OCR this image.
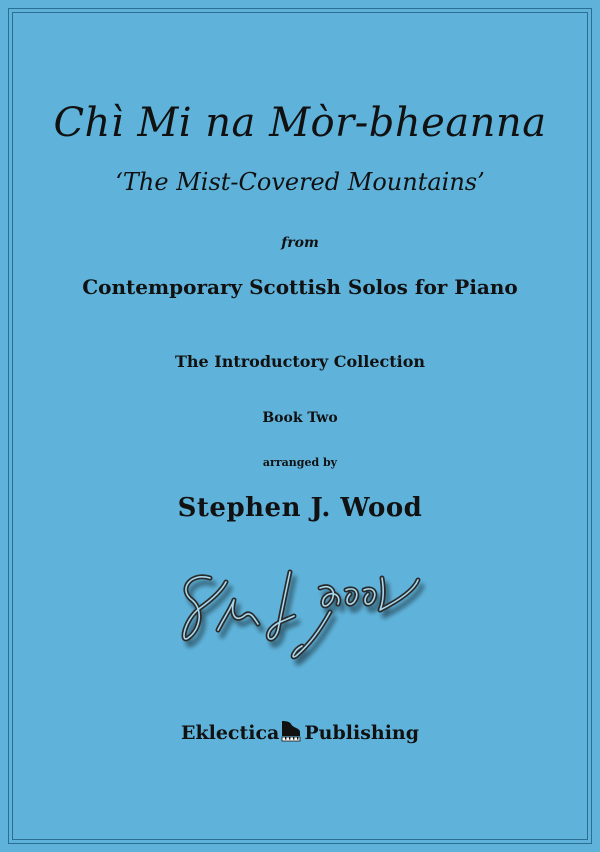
Chì Mi na Mòr-bheanna
‘The Mist-Covered Mountains’
from
Contemporary Scottish Solos for Piano
The Introductory Collection
Book Two
arranged by
Stephen J. Wood
Eklectica Publishing
